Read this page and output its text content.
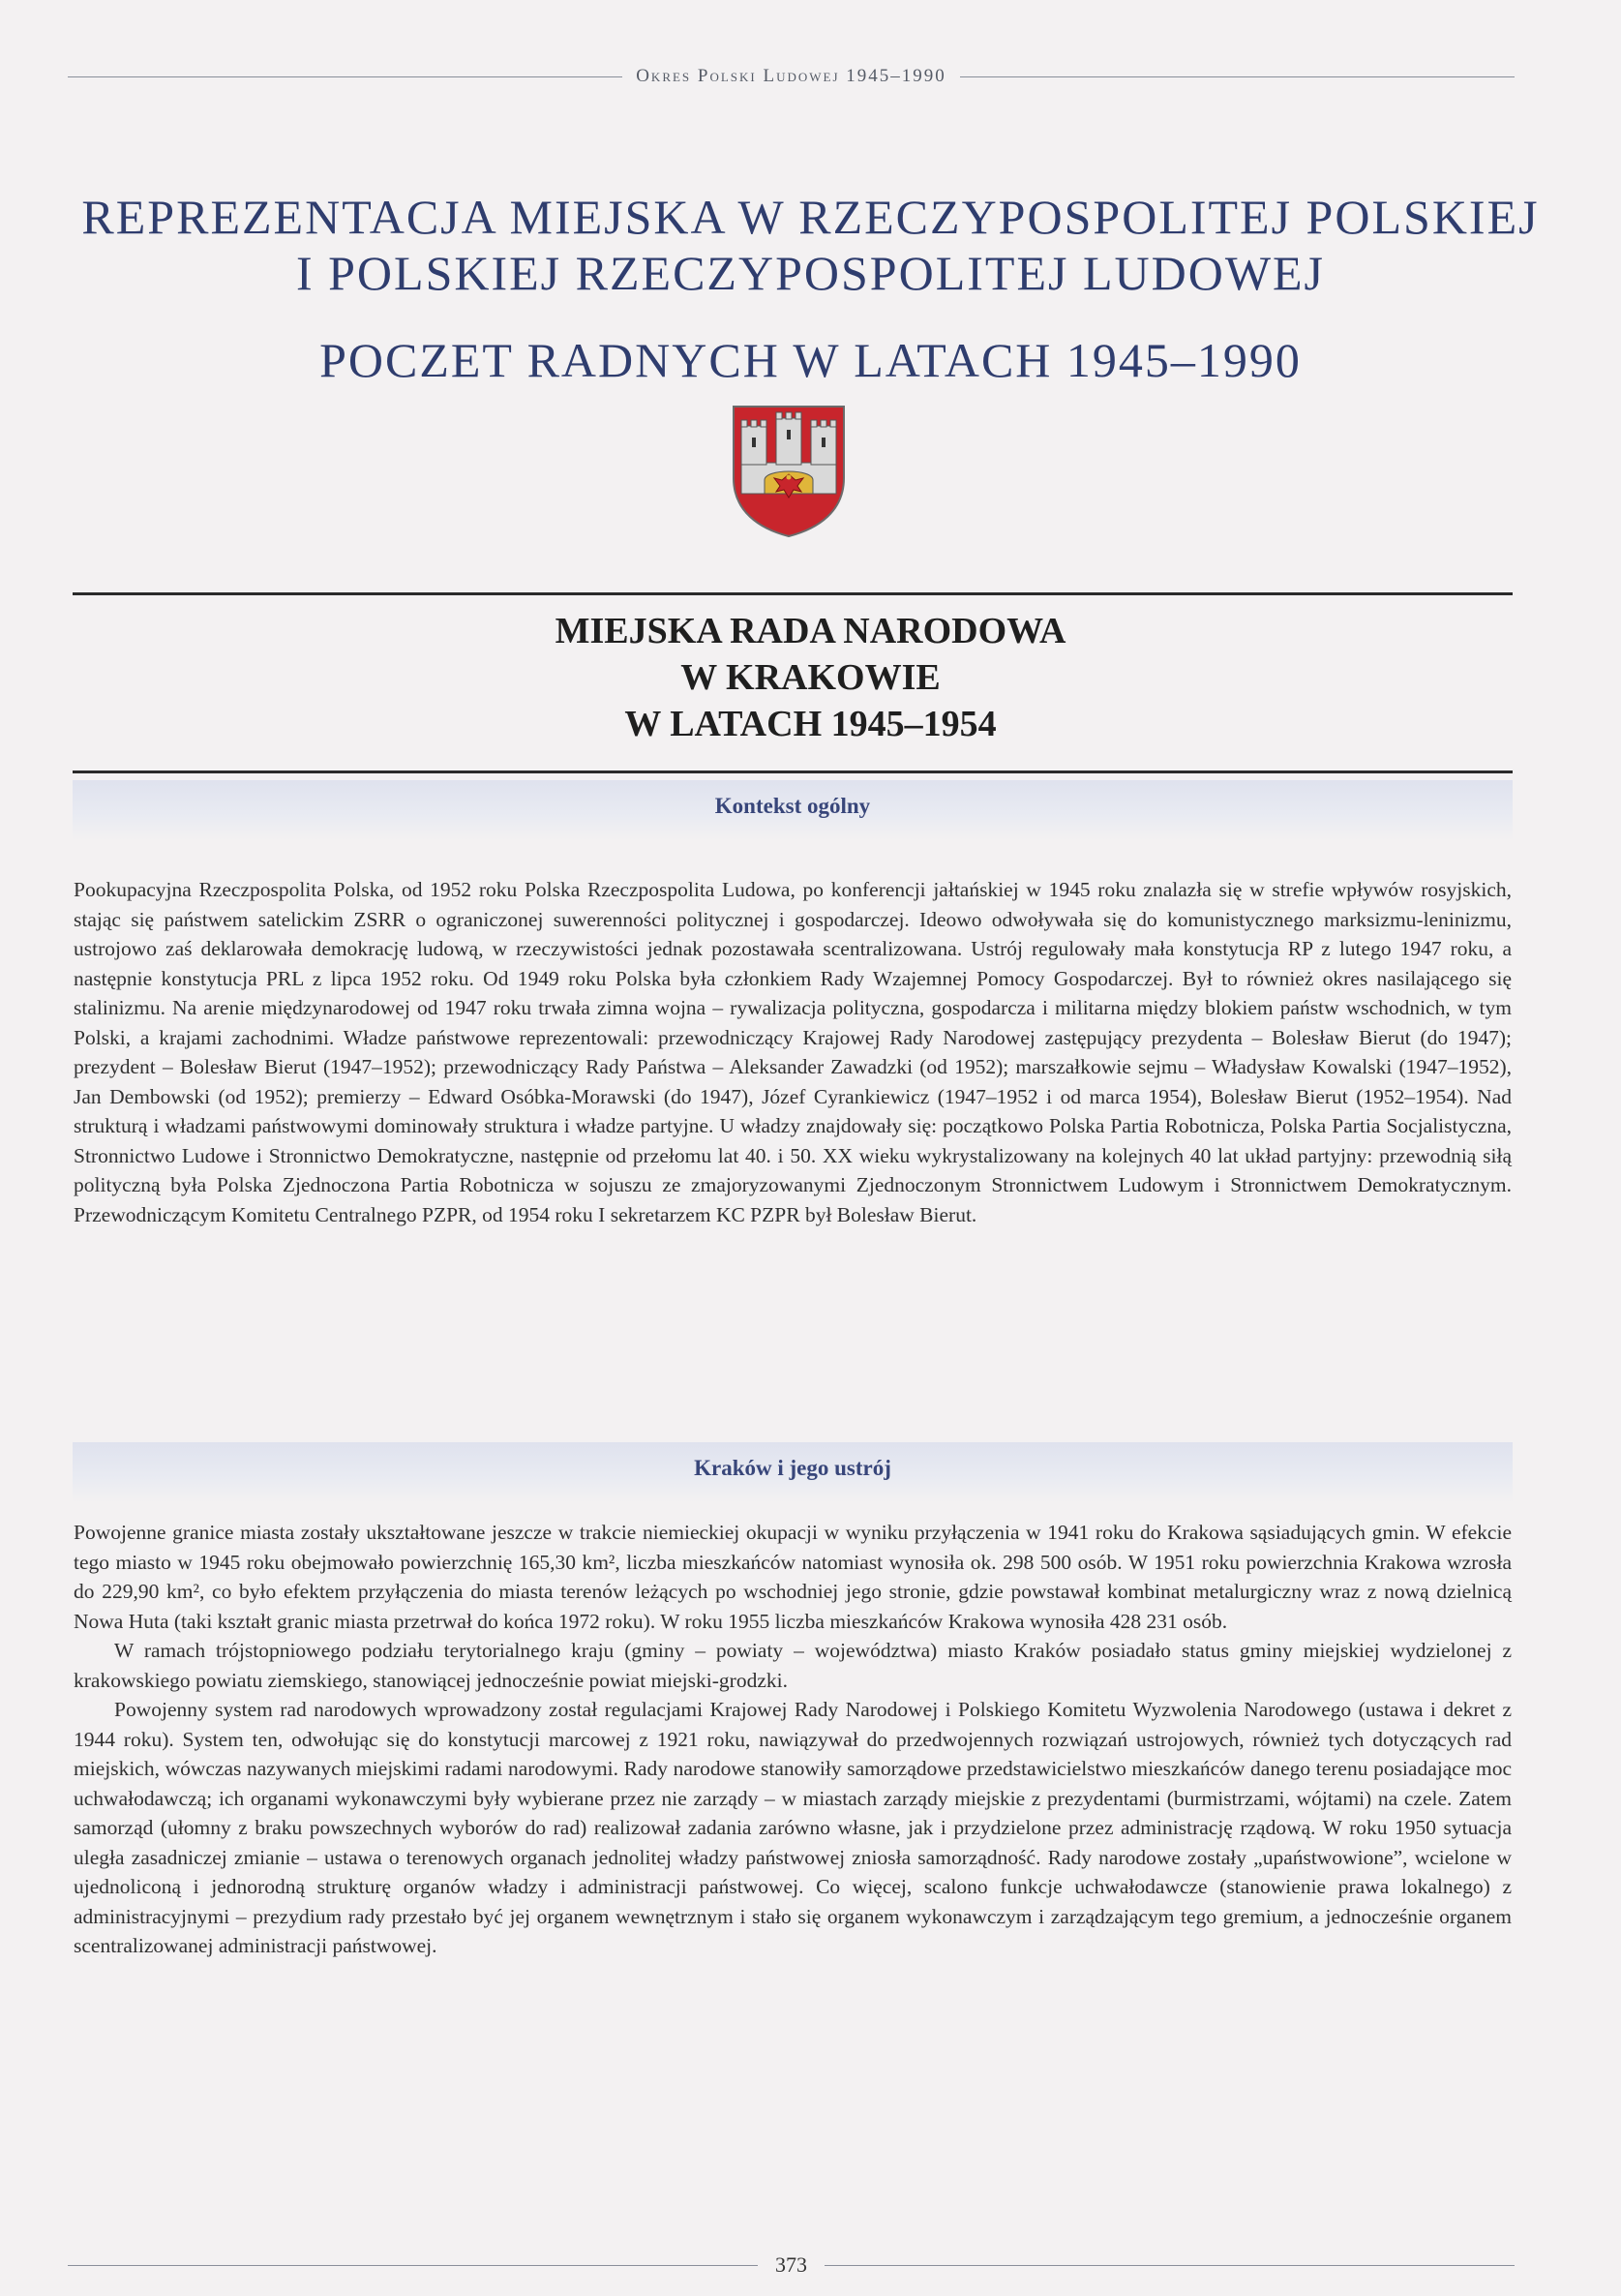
Okres Polski Ludowej 1945–1990
REPREZENTACJA MIEJSKA W RZECZYPOSPOLITEJ POLSKIEJ
I POLSKIEJ RZECZYPOSPOLITEJ LUDOWEJ
POCZET RADNYCH W LATACH 1945–1990
MIEJSKA RADA NARODOWA
W KRAKOWIE
W LATACH 1945–1954
Kontekst ogólny

Pookupacyjna Rzeczpospolita Polska, od 1952 roku Polska Rzeczpospolita Ludowa, po konferencji jałtańskiej w 1945 roku znalazła się w strefie wpływów rosyjskich, stając się państwem satelickim ZSRR o ograniczonej suwerenności politycznej i gospodarczej. Ideowo odwoływała się do komunistycznego marksizmu-leninizmu, ustrojowo zaś deklarowała demokrację ludową, w rzeczywistości jednak pozostawała scentralizowana. Ustrój regulowały mała konstytucja RP z lutego 1947 roku, a następnie konstytucja PRL z lipca 1952 roku. Od 1949 roku Polska była członkiem Rady Wzajemnej Pomocy Gospodarczej. Był to również okres nasilającego się stalinizmu. Na arenie międzynarodowej od 1947 roku trwała zimna wojna – rywalizacja polityczna, gospodarcza i militarna między blokiem państw wschodnich, w tym Polski, a krajami zachodnimi. Władze państwowe reprezentowali: przewodniczący Krajowej Rady Narodowej zastępujący prezydenta – Bolesław Bierut (do 1947); prezydent – Bolesław Bierut (1947–1952); przewodniczący Rady Państwa – Aleksander Zawadzki (od 1952); marszałkowie sejmu – Władysław Kowalski (1947–1952), Jan Dembowski (od 1952); premierzy – Edward Osóbka-Morawski (do 1947), Józef Cyrankiewicz (1947–1952 i od marca 1954), Bolesław Bierut (1952–1954). Nad strukturą i władzami państwowymi dominowały struktura i władze partyjne. U władzy znajdowały się: początkowo Polska Partia Robotnicza, Polska Partia Socjalistyczna, Stronnictwo Ludowe i Stronnictwo Demokratyczne, następnie od przełomu lat 40. i 50. XX wieku wykrystalizowany na kolejnych 40 lat układ partyjny: przewodnią siłą polityczną była Polska Zjednoczona Partia Robotnicza w sojuszu ze zmajoryzowanymi Zjednoczonym Stronnictwem Ludowym i Stronnictwem Demokratycznym. Przewodniczącym Komitetu Centralnego PZPR, od 1954 roku I sekretarzem KC PZPR był Bolesław Bierut.

Kraków i jego ustrój

Powojenne granice miasta zostały ukształtowane jeszcze w trakcie niemieckiej okupacji w wyniku przyłączenia w 1941 roku do Krakowa sąsiadujących gmin. W efekcie tego miasto w 1945 roku obejmowało powierzchnię 165,30 km², liczba mieszkańców natomiast wynosiła ok. 298 500 osób. W 1951 roku powierzchnia Krakowa wzrosła do 229,90 km², co było efektem przyłączenia do miasta terenów leżących po wschodniej jego stronie, gdzie powstawał kombinat metalurgiczny wraz z nową dzielnicą Nowa Huta (taki kształt granic miasta przetrwał do końca 1972 roku). W roku 1955 liczba mieszkańców Krakowa wynosiła 428 231 osób.

W ramach trójstopniowego podziału terytorialnego kraju (gminy – powiaty – województwa) miasto Kraków posiadało status gminy miejskiej wydzielonej z krakowskiego powiatu ziemskiego, stanowiącej jednocześnie powiat miejski-grodzki.

Powojenny system rad narodowych wprowadzony został regulacjami Krajowej Rady Narodowej i Polskiego Komitetu Wyzwolenia Narodowego (ustawa i dekret z 1944 roku). System ten, odwołując się do konstytucji marcowej z 1921 roku, nawiązywał do przedwojennych rozwiązań ustrojowych, również tych dotyczących rad miejskich, wówczas nazywanych miejskimi radami narodowymi. Rady narodowe stanowiły samorządowe przedstawicielstwo mieszkańców danego terenu posiadające moc uchwałodawczą; ich organami wykonawczymi były wybierane przez nie zarządy – w miastach zarządy miejskie z prezydentami (burmistrzami, wójtami) na czele. Zatem samorząd (ułomny z braku powszechnych wyborów do rad) realizował zadania zarówno własne, jak i przydzielone przez administrację rządową. W roku 1950 sytuacja uległa zasadniczej zmianie – ustawa o terenowych organach jednolitej władzy państwowej zniosła samorządność. Rady narodowe zostały „upaństwowione”, wcielone w ujednoliconą i jednorodną strukturę organów władzy i administracji państwowej. Co więcej, scalono funkcje uchwałodawcze (stanowienie prawa lokalnego) z administracyjnymi – prezydium rady przestało być jej organem wewnętrznym i stało się organem wykonawczym i zarządzającym tego gremium, a jednocześnie organem scentralizowanej administracji państwowej.

373
